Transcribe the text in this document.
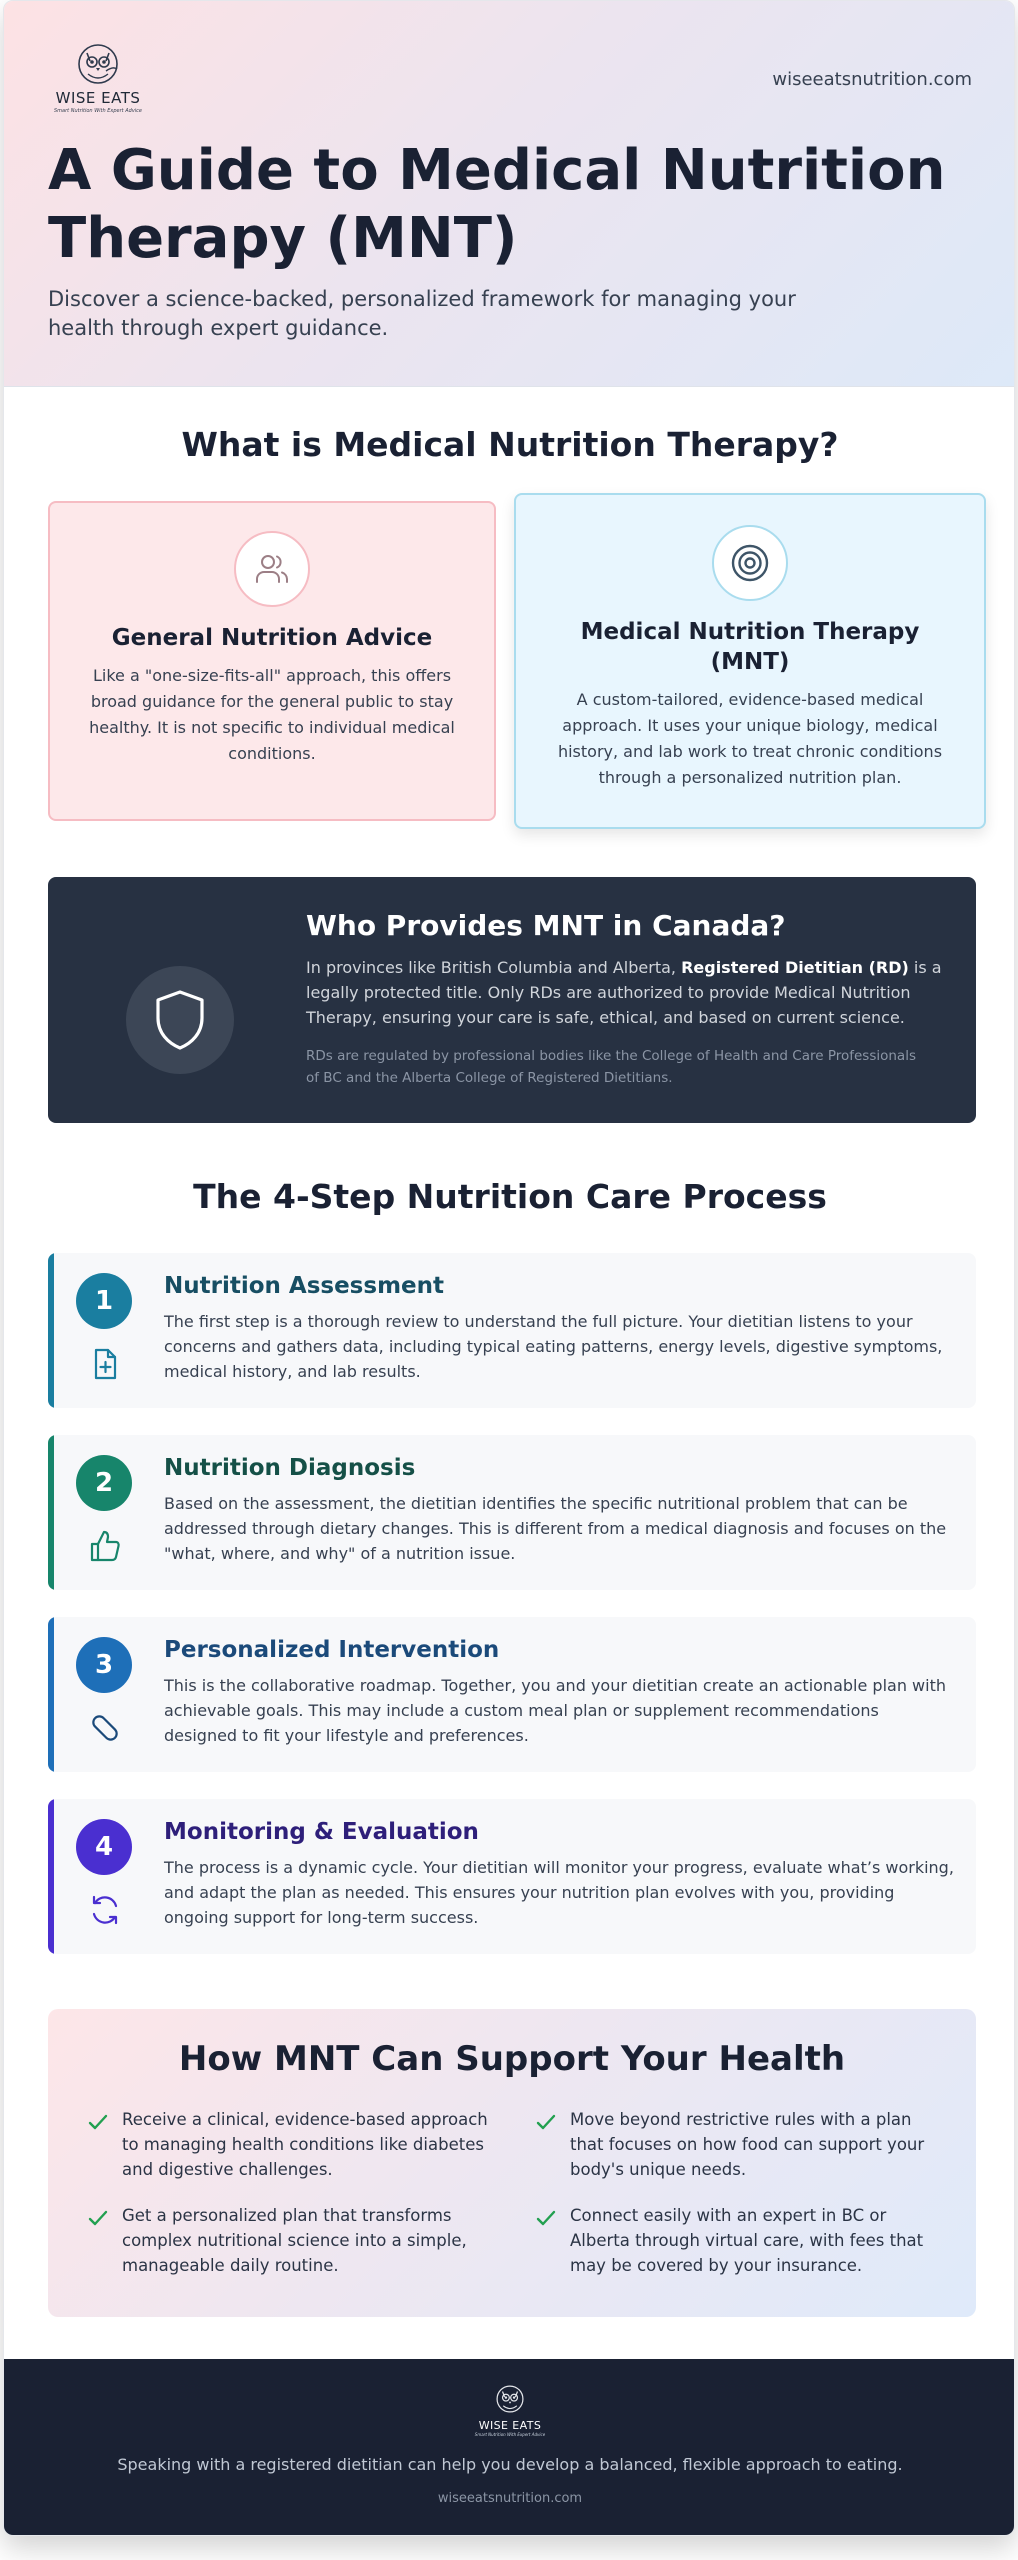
WISE EATS
Smart Nutrition With Expert Advice
wiseeatsnutrition.com
A Guide to Medical Nutrition Therapy (MNT)

Discover a science-backed, personalized framework for managing your health through expert guidance.

What is Medical Nutrition Therapy?
General Nutrition Advice

Like a "one-size-fits-all" approach, this offers broad guidance for the general public to stay healthy. It is not specific to individual medical conditions.

Medical Nutrition Therapy (MNT)

A custom-tailored, evidence-based medical approach. It uses your unique biology, medical history, and lab work to treat chronic conditions through a personalized nutrition plan.

Who Provides MNT in Canada?
In provinces like British Columbia and Alberta, Registered Dietitian (RD) is a legally protected title. Only RDs are authorized to provide Medical Nutrition Therapy, ensuring your care is safe, ethical, and based on current science.
RDs are regulated by professional bodies like the College of Health and Care Professionals of BC and the Alberta College of Registered Dietitians.
The 4-Step Nutrition Care Process
1	Nutrition Assessment

The first step is a thorough review to understand the full picture. Your dietitian listens to your concerns and gathers data, including typical eating patterns, energy levels, digestive symptoms, medical history, and lab results.

2	Nutrition Diagnosis

Based on the assessment, the dietitian identifies the specific nutritional problem that can be addressed through dietary changes. This is different from a medical diagnosis and focuses on the "what, where, and why" of a nutrition issue.

3	Personalized Intervention

This is the collaborative roadmap. Together, you and your dietitian create an actionable plan with achievable goals. This may include a custom meal plan or supplement recommendations designed to fit your lifestyle and preferences.

4	Monitoring & Evaluation

The process is a dynamic cycle. Your dietitian will monitor your progress, evaluate what’s working, and adapt the plan as needed. This ensures your nutrition plan evolves with you, providing ongoing support for long-term success.

How MNT Can Support Your Health
Receive a clinical, evidence-based approach to managing health conditions like diabetes and digestive challenges.
Move beyond restrictive rules with a plan that focuses on how food can support your body's unique needs.
Get a personalized plan that transforms complex nutritional science into a simple, manageable daily routine.
Connect easily with an expert in BC or Alberta through virtual care, with fees that may be covered by your insurance.
WISE EATS
Smart Nutrition With Expert Advice
Speaking with a registered dietitian can help you develop a balanced, flexible approach to eating.
wiseeatsnutrition.com
